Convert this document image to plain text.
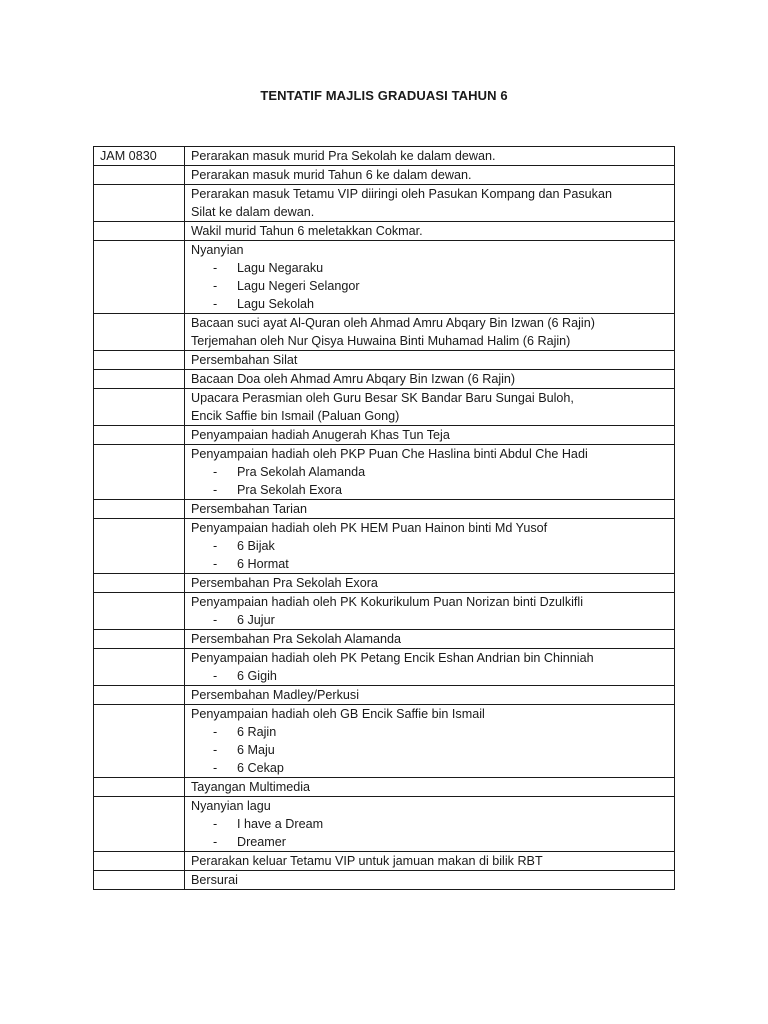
TENTATIF MAJLIS GRADUASI TAHUN 6
JAM 0830	Perarakan masuk murid Pra Sekolah ke dalam dewan.

	Perarakan masuk murid Tahun 6 ke dalam dewan.

	Perarakan masuk Tetamu VIP diiringi oleh Pasukan Kompang dan Pasukan
Silat ke dalam dewan.

	Wakil murid Tahun 6 meletakkan Cokmar.

	Nyanyian
- Lagu Negaraku
- Lagu Negeri Selangor
- Lagu Sekolah

	Bacaan suci ayat Al-Quran oleh Ahmad Amru Abqary Bin Izwan (6 Rajin)
Terjemahan oleh Nur Qisya Huwaina Binti Muhamad Halim (6 Rajin)

	Persembahan Silat

	Bacaan Doa oleh Ahmad Amru Abqary Bin Izwan (6 Rajin)

	Upacara Perasmian oleh Guru Besar SK Bandar Baru Sungai Buloh,
Encik Saffie bin Ismail (Paluan Gong)

	Penyampaian hadiah Anugerah Khas Tun Teja

	Penyampaian hadiah oleh PKP Puan Che Haslina binti Abdul Che Hadi
- Pra Sekolah Alamanda
- Pra Sekolah Exora

	Persembahan Tarian

	Penyampaian hadiah oleh PK HEM Puan Hainon binti Md Yusof
- 6 Bijak
- 6 Hormat

	Persembahan Pra Sekolah Exora

	Penyampaian hadiah oleh PK Kokurikulum Puan Norizan binti Dzulkifli
- 6 Jujur

	Persembahan Pra Sekolah Alamanda

	Penyampaian hadiah oleh PK Petang Encik Eshan Andrian bin Chinniah
- 6 Gigih

	Persembahan Madley/Perkusi

	Penyampaian hadiah oleh GB Encik Saffie bin Ismail
- 6 Rajin
- 6 Maju
- 6 Cekap

	Tayangan Multimedia

	Nyanyian lagu
- I have a Dream
- Dreamer

	Perarakan keluar Tetamu VIP untuk jamuan makan di bilik RBT

	Bersurai
